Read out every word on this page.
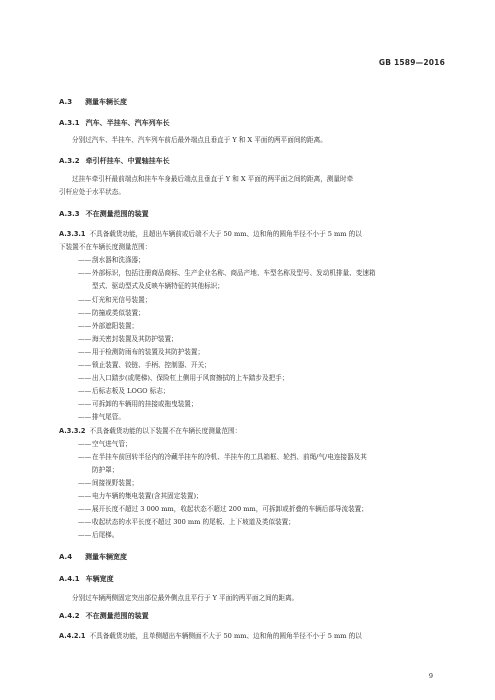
GB 1589—2016
A.3 测量车辆长度
A.3.1 汽车、半挂车、汽车列车长
分别过汽车、半挂车、汽车列车前后最外端点且垂直于 Y 和 X 平面的两平面间的距离。
A.3.2 牵引杆挂车、中置轴挂车长
过挂车牵引杆最前端点和挂车车身最后端点且垂直于 Y 和 X 平面的两平面之间的距离，测量时牵
引杆应处于水平状态。
A.3.3 不在测量范围的装置
A.3.3.1 不具备载货功能，且超出车辆前或后端不大于 50 mm、边和角的圆角半径不小于 5 mm 的以
下装置不在车辆长度测量范围：
——刮水器和洗涤器；
——外部标识，包括注册商品商标、生产企业名称、商品产地、车型名称及型号、发动机排量、变速箱
型式、驱动型式及反映车辆特征的其他标识；
——灯光和光信号装置；
——防撞或类似装置；
——外部遮阳装置；
——海关密封装置及其防护装置；
——用于检测防雨布的装置及其防护装置；
——锁止装置、铰链、手柄、控制器、开关；
——出入口踏步(或爬梯)、保险杠上侧用于风窗擦拭的上车踏步及把手；
——后标志板及 LOGO 标志；
——可拆卸的车辆用的挂接或拖曳装置；
——排气尾管。
A.3.3.2 不具备载货功能的以下装置不在车辆长度测量范围：
——空气进气管；
——在半挂车前回转半径内的冷藏半挂车的冷机、半挂车的工具箱框、轮挡、前绳/气/电连接器及其
防护罩；
——间接视野装置；
——电力车辆的集电装置(含其固定装置)；
——展开长度不超过 3 000 mm，收起状态不超过 200 mm，可拆卸或折叠的车辆后部导流装置；
——收起状态的水平长度不超过 300 mm 的尾板、上下坡道及类似装置；
——后尾梯。
A.4 测量车辆宽度
A.4.1 车辆宽度
分别过车辆两侧固定突出部位最外侧点且平行于 Y 平面的两平面之间的距离。
A.4.2 不在测量范围的装置
A.4.2.1 不具备载货功能，且单侧超出车辆侧面不大于 50 mm、边和角的圆角半径不小于 5 mm 的以
9
